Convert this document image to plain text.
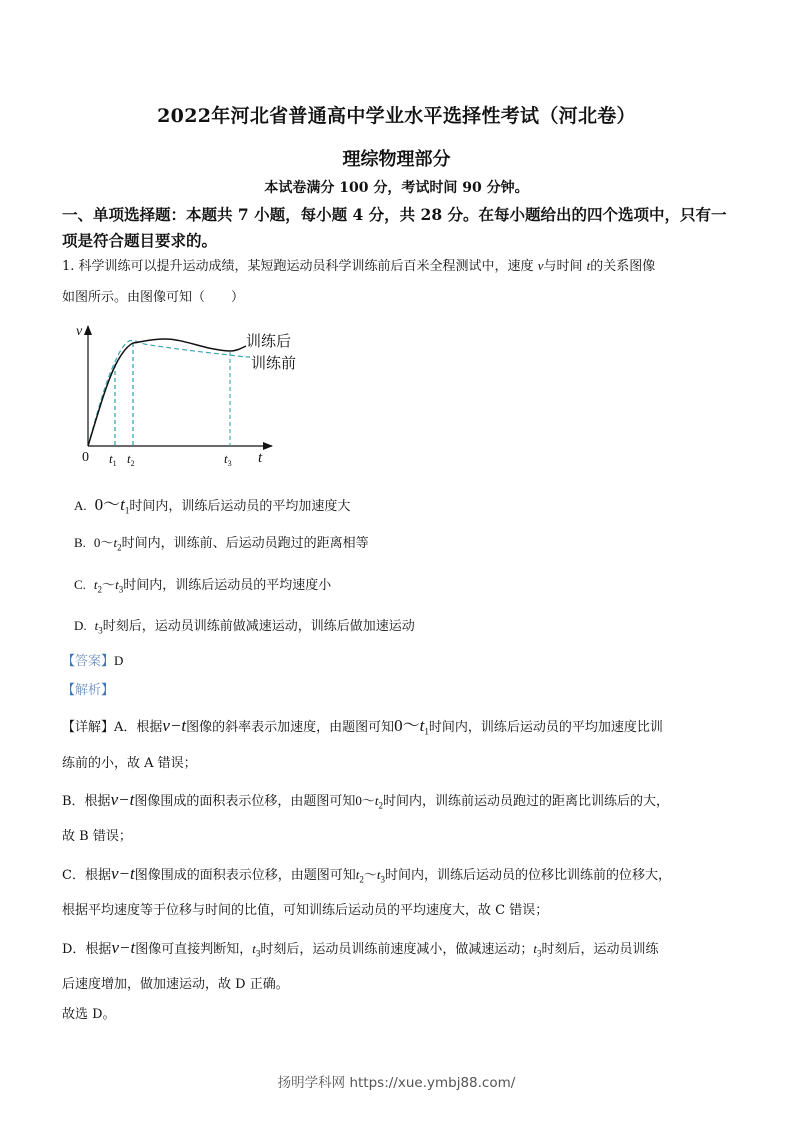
2022年河北省普通高中学业水平选择性考试（河北卷）
理综物理部分
本试卷满分 100 分，考试时间 90 分钟。
一、单项选择题：本题共 7 小题，每小题 4 分，共 28 分。在每小题给出的四个选项中，只有一项是符合题目要求的。
1. 科学训练可以提升运动成绩，某短跑运动员科学训练前后百米全程测试中，速度 v与时间 t的关系图像
如图所示。由图像可知（　　）
v
t
0 $t_1$ $t_2$	$t_3$
训练后
训练前
A. $0\sim t_1$时间内，训练后运动员的平均加速度大
B. $0\sim t_2$时间内，训练前、后运动员跑过的距离相等
C. $t_2\sim t_3$时间内，训练后运动员的平均速度小
D. $t_3$时刻后，运动员训练前做减速运动，训练后做加速运动
【答案】D
【解析】
【详解】A．根据v−t图像的斜率表示加速度，由题图可知$0\sim t_1$时间内，训练后运动员的平均加速度比训
练前的小，故 A 错误；
B．根据v−t图像围成的面积表示位移，由题图可知$0\sim t_2$时间内，训练前运动员跑过的距离比训练后的大，
故 B 错误；
C．根据v−t图像围成的面积表示位移，由题图可知$t_2\sim t_3$时间内，训练后运动员的位移比训练前的位移大，
根据平均速度等于位移与时间的比值，可知训练后运动员的平均速度大，故 C 错误；
D．根据v−t图像可直接判断知，$t_3$时刻后，运动员训练前速度减小，做减速运动；$t_3$时刻后，运动员训练
后速度增加，做加速运动，故 D 正确。
故选 D。
扬明学科网 https://xue.ymbj88.com/
